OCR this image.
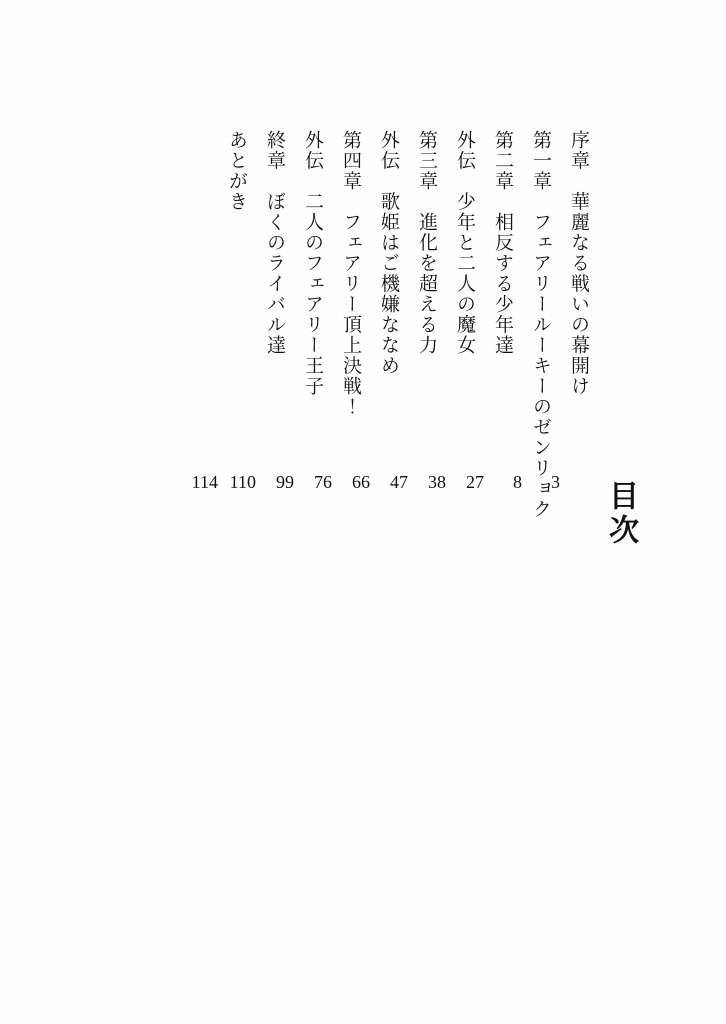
目次
序章　華麗なる戦いの幕開け
3
第一章　フェアリールーキーのゼンリョク
8
第二章　相反する少年達
27
外伝　少年と二人の魔女
38
第三章　進化を超える力
47
外伝　歌姫はご機嫌ななめ
66
第四章　フェアリー頂上決戦！
76
外伝　二人のフェアリー王子
99
終章　ぼくのライバル達
110
あとがき
114
